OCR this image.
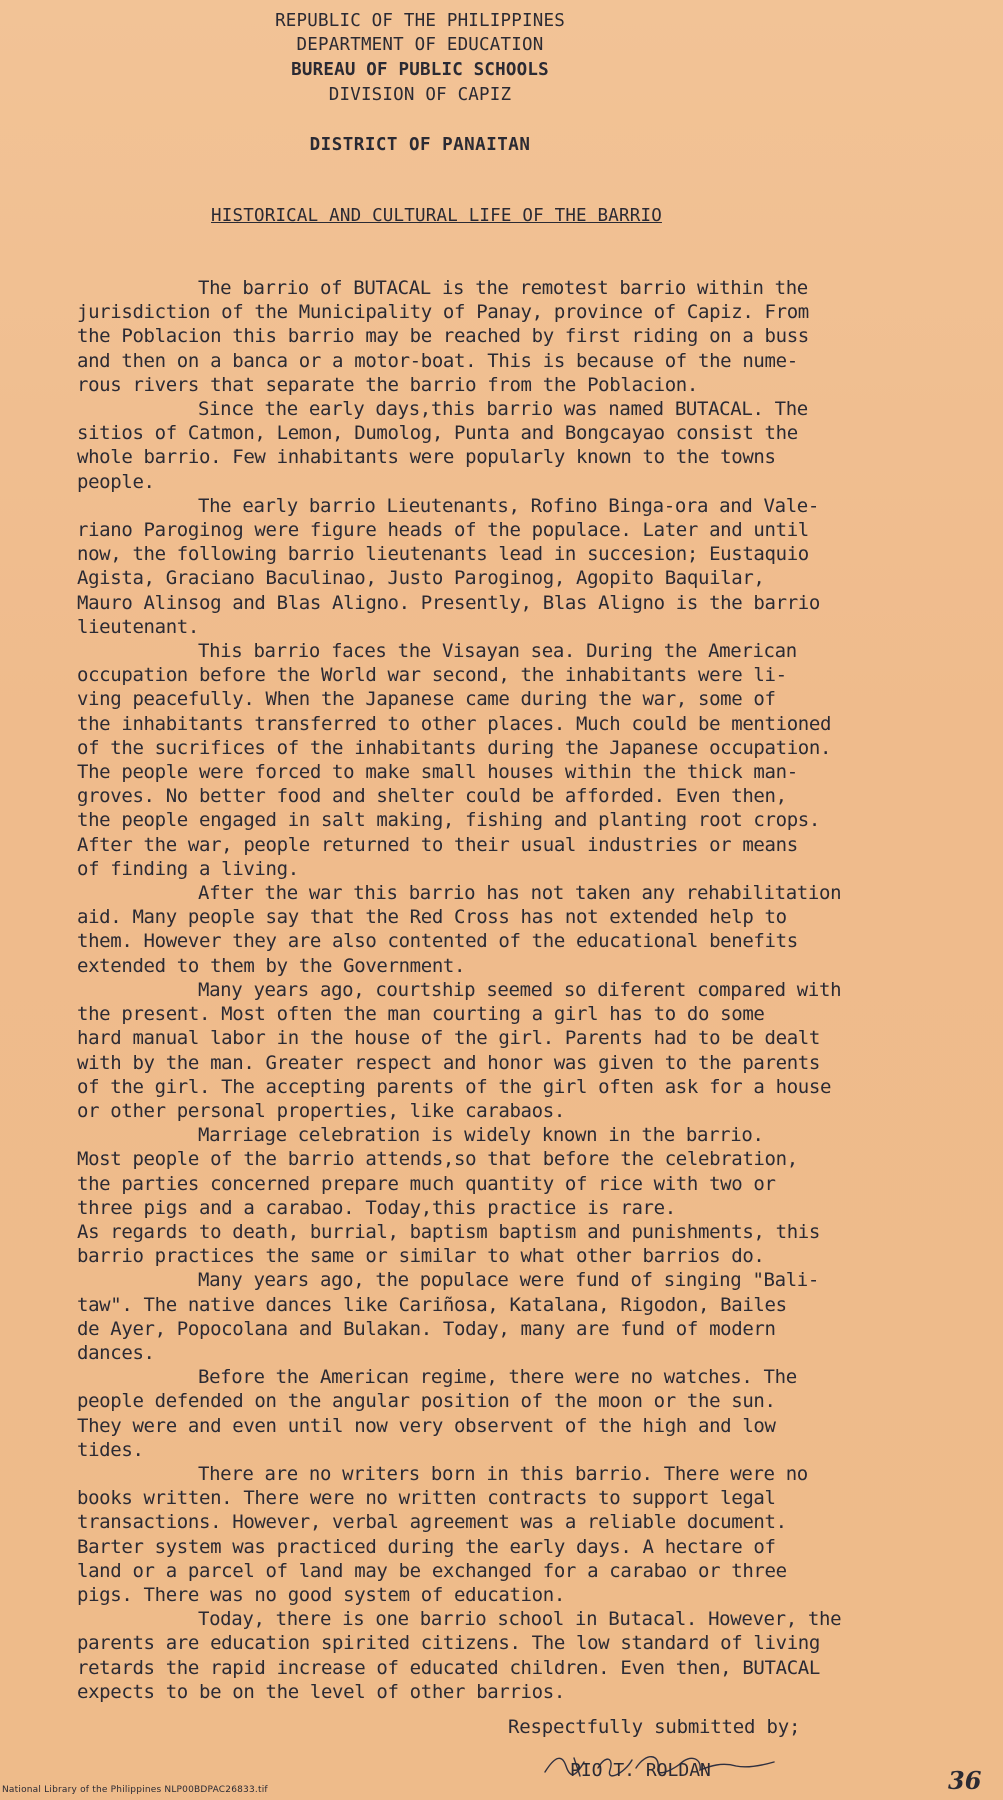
REPUBLIC OF THE PHILIPPINES
DEPARTMENT OF EDUCATION
BUREAU OF PUBLIC SCHOOLS
DIVISION OF CAPIZ
DISTRICT OF PANAITAN
HISTORICAL AND CULTURAL LIFE OF THE BARRIO

The barrio of BUTACAL is the remotest barrio within the
jurisdiction of the Municipality of Panay, province of Capiz. From
the Poblacion this barrio may be reached by first riding on a buss
and then on a banca or a motor-boat. This is because of the nume-
rous rivers that separate the barrio from the Poblacion.

Since the early days,this barrio was named BUTACAL. The
sitios of Catmon, Lemon, Dumolog, Punta and Bongcayao consist the
whole barrio. Few inhabitants were popularly known to the towns
people.

The early barrio Lieutenants, Rofino Binga-ora and Vale-
riano Paroginog were figure heads of the populace. Later and until
now, the following barrio lieutenants lead in succesion; Eustaquio
Agista, Graciano Baculinao, Justo Paroginog, Agopito Baquilar,
Mauro Alinsog and Blas Aligno. Presently, Blas Aligno is the barrio
lieutenant.

This barrio faces the Visayan sea. During the American
occupation before the World war second, the inhabitants were li-
ving peacefully. When the Japanese came during the war, some of
the inhabitants transferred to other places. Much could be mentioned
of the sucrifices of the inhabitants during the Japanese occupation.
The people were forced to make small houses within the thick man-
groves. No better food and shelter could be afforded. Even then,
the people engaged in salt making, fishing and planting root crops.
After the war, people returned to their usual industries or means
of finding a living.

After the war this barrio has not taken any rehabilitation
aid. Many people say that the Red Cross has not extended help to
them. However they are also contented of the educational benefits
extended to them by the Government.

Many years ago, courtship seemed so diferent compared with
the present. Most often the man courting a girl has to do some
hard manual labor in the house of the girl. Parents had to be dealt
with by the man. Greater respect and honor was given to the parents
of the girl. The accepting parents of the girl often ask for a house
or other personal properties, like carabaos.

Marriage celebration is widely known in the barrio.
Most people of the barrio attends,so that before the celebration,
the parties concerned prepare much quantity of rice with two or
three pigs and a carabao. Today,this practice is rare.

As regards to death, burrial, baptism baptism and punishments, this
barrio practices the same or similar to what other barrios do.

Many years ago, the populace were fund of singing "Bali-
taw". The native dances like Cariñosa, Katalana, Rigodon, Bailes
de Ayer, Popocolana and Bulakan. Today, many are fund of modern
dances.

Before the American regime, there were no watches. The
people defended on the angular position of the moon or the sun.
They were and even until now very observent of the high and low
tides.

There are no writers born in this barrio. There were no
books written. There were no written contracts to support legal
transactions. However, verbal agreement was a reliable document.
Barter system was practiced during the early days. A hectare of
land or a parcel of land may be exchanged for a carabao or three
pigs. There was no good system of education.

Today, there is one barrio school in Butacal. However, the
parents are education spirited citizens. The low standard of living
retards the rapid increase of educated children. Even then, BUTACAL
expects to be on the level of other barrios.

Respectfully submitted by;
PIO T. ROLDAN
National Library of the Philippines NLP00BDPAC26833.tif	36
